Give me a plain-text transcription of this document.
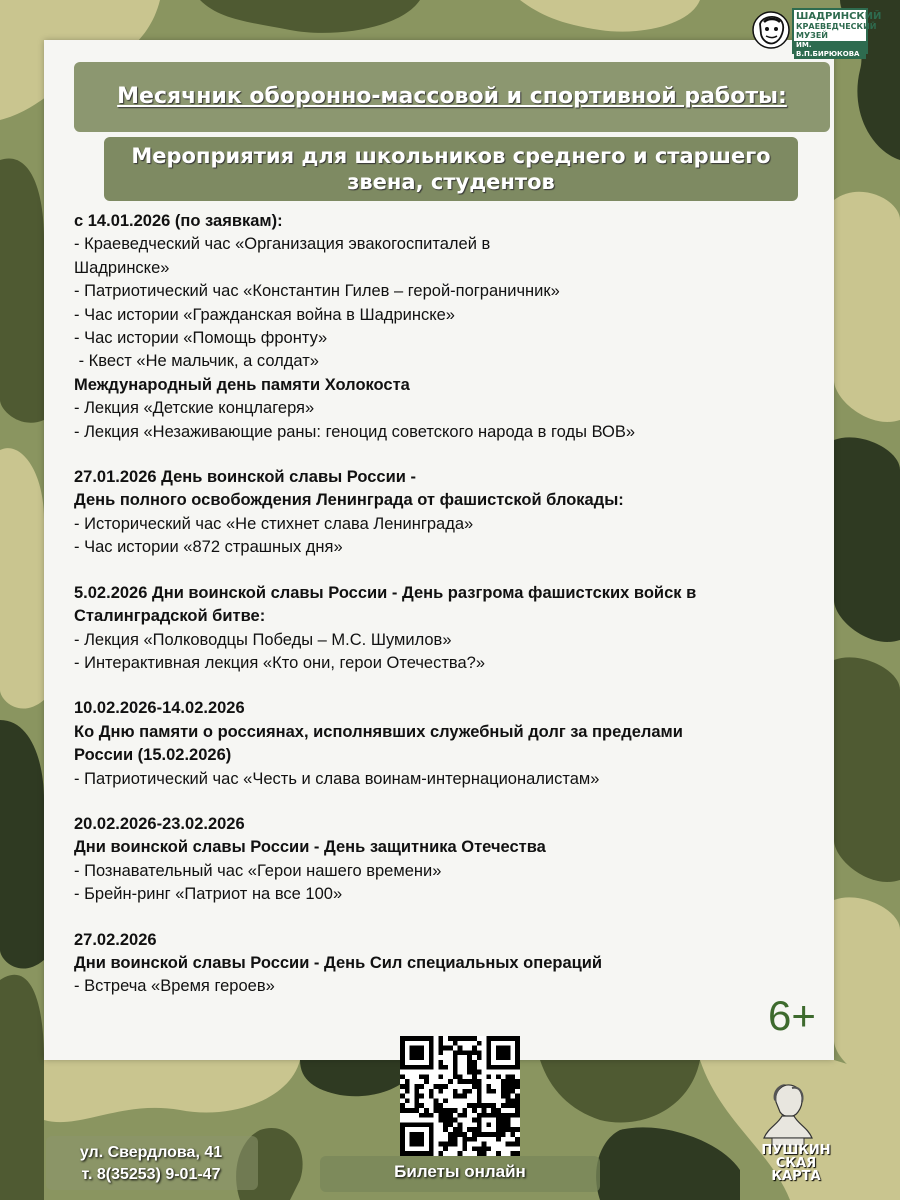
ШАДРИНСКИЙ
КРАЕВЕДЧЕСКИЙ
МУЗЕЙ
ИМ. В.П.БИРЮКОВА
Месячник оборонно-массовой и спортивной работы:
Мероприятия для школьников среднего и старшего звена, студентов
с 14.01.2026 (по заявкам):
- Краеведческий час «Организация эвакогоспиталей в
Шадринске»
- Патриотический час «Константин Гилев – герой-пограничник»
- Час истории «Гражданская война в Шадринске»
- Час истории «Помощь фронту»
- Квест «Не мальчик, а солдат»
Международный день памяти Холокоста
- Лекция «Детские концлагеря»
- Лекция «Незаживающие раны: геноцид советского народа в годы ВОВ»
27.01.2026 День воинской славы России -
День полного освобождения Ленинграда от фашистской блокады:
- Исторический час «Не стихнет слава Ленинграда»
- Час истории «872 страшных дня»
5.02.2026 Дни воинской славы России - День разгрома фашистских войск в
Сталинградской битве:
- Лекция «Полководцы Победы – М.С. Шумилов»
- Интерактивная лекция «Кто они, герои Отечества?»
10.02.2026-14.02.2026
Ко Дню памяти о россиянах, исполнявших служебный долг за пределами
России (15.02.2026)
- Патриотический час «Честь и слава воинам-интернационалистам»
20.02.2026-23.02.2026
Дни воинской славы России - День защитника Отечества
- Познавательный час «Герои нашего времени»
- Брейн-ринг «Патриот на все 100»
27.02.2026
Дни воинской славы России - День Сил специальных операций
- Встреча «Время героев»
6+
ул. Свердлова, 41
т. 8(35253) 9-01-47	Билеты онлайн
ПУШКИН
СКАЯ
КАРТА
